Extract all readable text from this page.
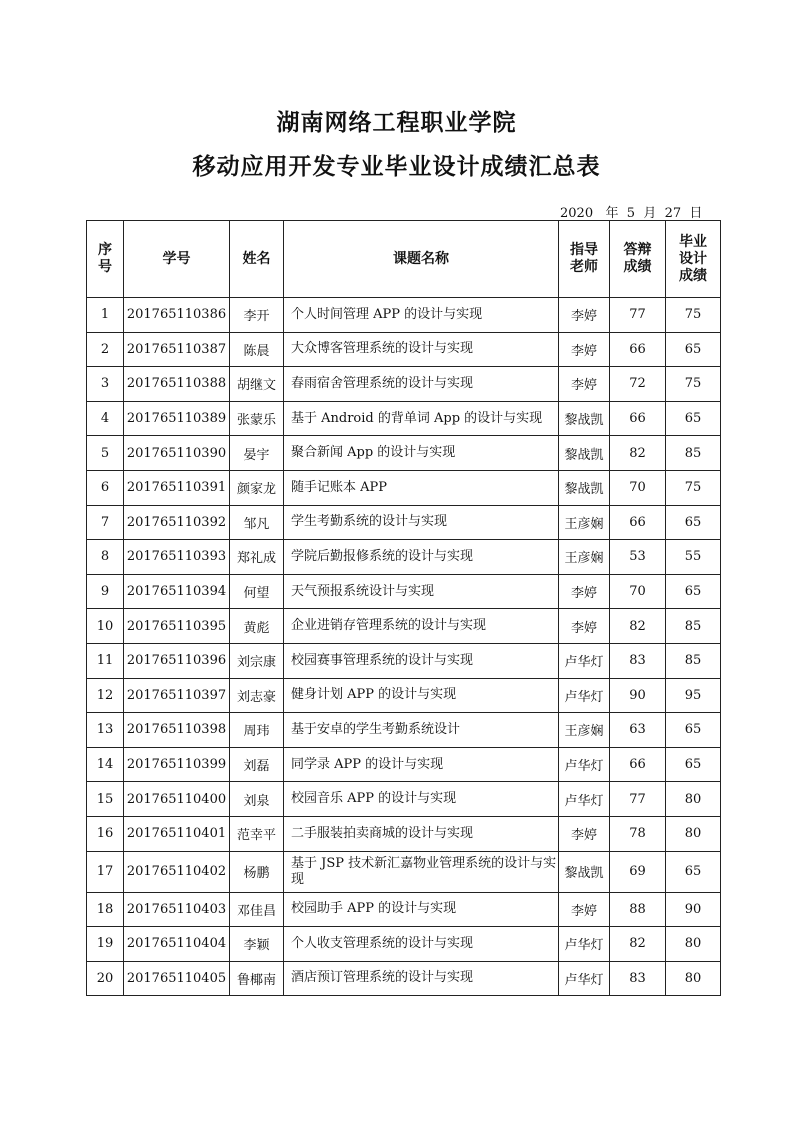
湖南网络工程职业学院
移动应用开发专业毕业设计成绩汇总表
2020 年 5 月 27 日
序号	学号	姓名	课题名称	指导老师	答辩成绩	毕业设计成绩

1	201765110386	李开	个人时间管理 APP 的设计与实现	李婷	77	75
2	201765110387	陈晨	大众博客管理系统的设计与实现	李婷	66	65
3	201765110388	胡继文	春雨宿舍管理系统的设计与实现	李婷	72	75
4	201765110389	张蒙乐	基于 Android 的背单词 App 的设计与实现	黎战凯	66	65
5	201765110390	晏宇	聚合新闻 App 的设计与实现	黎战凯	82	85
6	201765110391	颜家龙	随手记账本 APP	黎战凯	70	75
7	201765110392	邹凡	学生考勤系统的设计与实现	王彦娴	66	65
8	201765110393	郑礼成	学院后勤报修系统的设计与实现	王彦娴	53	55
9	201765110394	何望	天气预报系统设计与实现	李婷	70	65
10	201765110395	黄彪	企业进销存管理系统的设计与实现	李婷	82	85
11	201765110396	刘宗康	校园赛事管理系统的设计与实现	卢华灯	83	85
12	201765110397	刘志豪	健身计划 APP 的设计与实现	卢华灯	90	95
13	201765110398	周玮	基于安卓的学生考勤系统设计	王彦娴	63	65
14	201765110399	刘磊	同学录 APP 的设计与实现	卢华灯	66	65
15	201765110400	刘泉	校园音乐 APP 的设计与实现	卢华灯	77	80
16	201765110401	范幸平	二手服装拍卖商城的设计与实现	李婷	78	80
17	201765110402	杨鹏	基于 JSP 技术新汇嘉物业管理系统的设计与实现	黎战凯	69	65
18	201765110403	邓佳昌	校园助手 APP 的设计与实现	李婷	88	90
19	201765110404	李颖	个人收支管理系统的设计与实现	卢华灯	82	80
20	201765110405	鲁椰南	酒店预订管理系统的设计与实现	卢华灯	83	80
